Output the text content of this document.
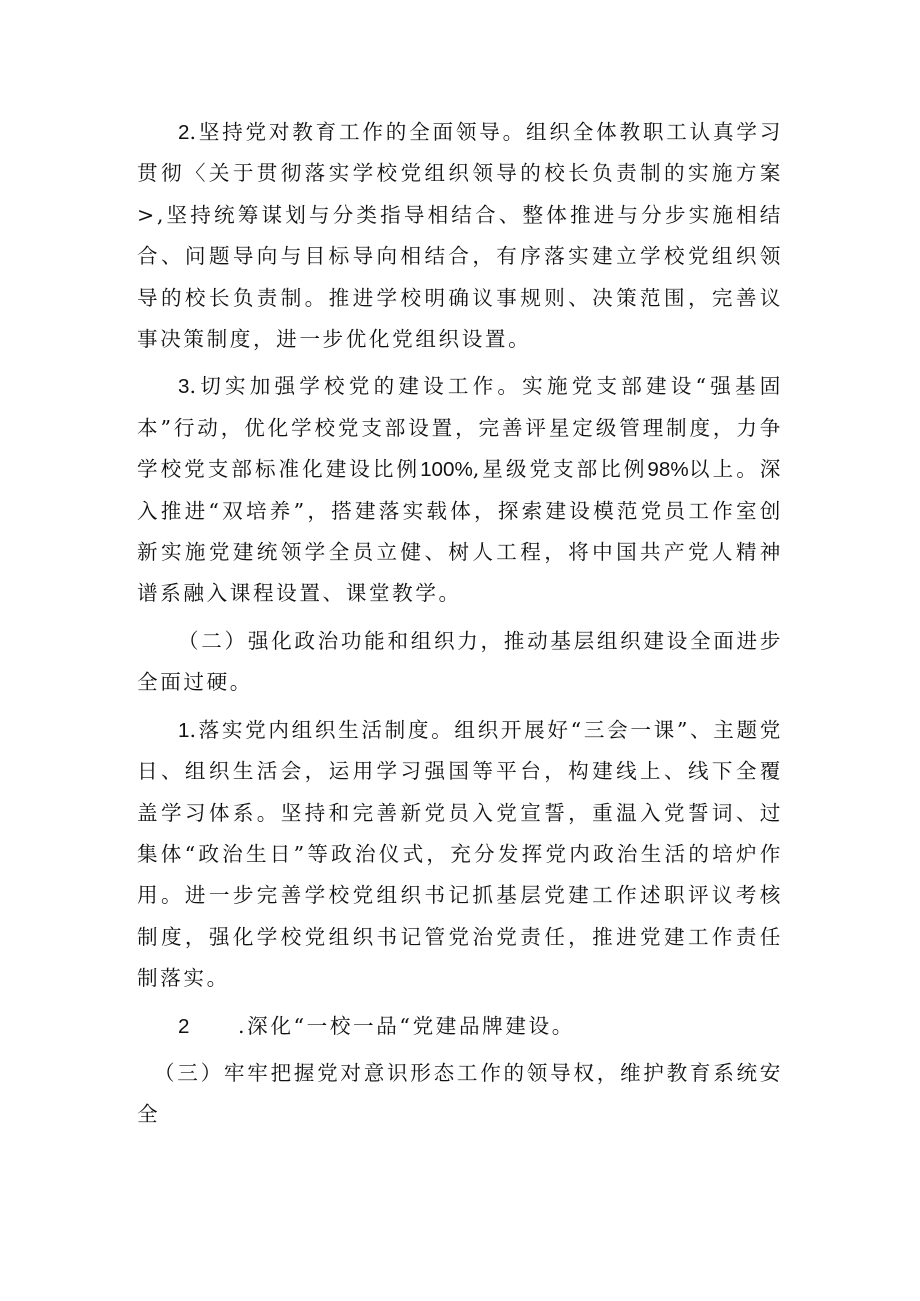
2.坚持党对教育工作的全面领导。组织全体教职工认真学习贯彻〈关于贯彻落实学校党组织领导的校长负责制的实施方案>,坚持统筹谋划与分类指导相结合、整体推进与分步实施相结合、问题导向与目标导向相结合，有序落实建立学校党组织领导的校长负责制。推进学校明确议事规则、决策范围，完善议事决策制度，进一步优化党组织设置。

3.切实加强学校党的建设工作。实施党支部建设“强基固本”行动，优化学校党支部设置，完善评星定级管理制度，力争学校党支部标准化建设比例100%,星级党支部比例98%以上。深入推进“双培养”，搭建落实载体，探索建设模范党员工作室创新实施党建统领学全员立健、树人工程，将中国共产党人精神谱系融入课程设置、课堂教学。

（二）强化政治功能和组织力，推动基层组织建设全面进步全面过硬。

1.落实党内组织生活制度。组织开展好“三会一课”、主题党日、组织生活会，运用学习强国等平台，构建线上、线下全覆盖学习体系。坚持和完善新党员入党宣誓，重温入党誓词、过集体“政治生日”等政治仪式，充分发挥党内政治生活的培炉作用。进一步完善学校党组织书记抓基层党建工作述职评议考核制度，强化学校党组织书记管党治党责任，推进党建工作责任制落实。

2 .深化“一校一品“党建品牌建设。

（三）牢牢把握党对意识形态工作的领导权，维护教育系统安全
